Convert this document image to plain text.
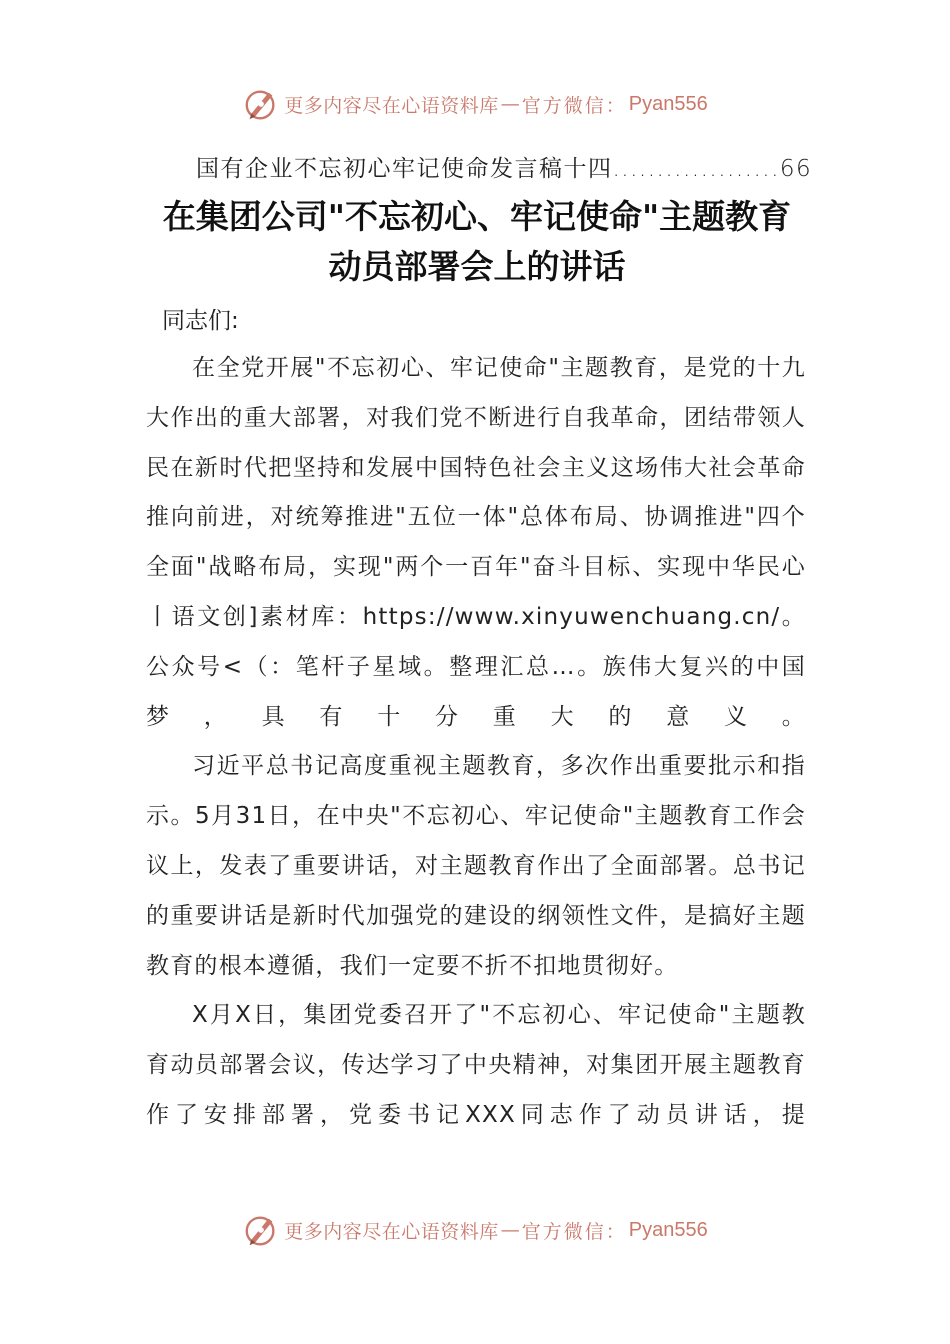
更多内容尽在心语资料库 — 官方微信： Pyan556
国有企业不忘初心牢记使命发言稿十四...................66
在集团公司"不忘初心、牢记使命"主题教育动员部署会上的讲话
同志们:

在全党开展"不忘初心、牢记使命"主题教育，是党的十九大作出的重大部署，对我们党不断进行自我革命，团结带领人民在新时代把坚持和发展中国特色社会主义这场伟大社会革命推向前进，对统筹推进"五位一体"总体布局、协调推进"四个全面"战略布局，实现"两个一百年"奋斗目标、实现中华民心丨语文创]素材库：https://www.xinyuwenchuang.cn/。公众号<（：笔杆子星域。整理汇总…。族伟大复兴的中国梦，具有十分重大的意义。

习近平总书记高度重视主题教育，多次作出重要批示和指示。5月31日，在中央"不忘初心、牢记使命"主题教育工作会议上，发表了重要讲话，对主题教育作出了全面部署。总书记的重要讲话是新时代加强党的建设的纲领性文件，是搞好主题教育的根本遵循，我们一定要不折不扣地贯彻好。

X月X日，集团党委召开了"不忘初心、牢记使命"主题教育动员部署会议，传达学习了中央精神，对集团开展主题教育作了安排部署，党委书记XXX同志作了动员讲话，提

更多内容尽在心语资料库 — 官方微信： Pyan556
